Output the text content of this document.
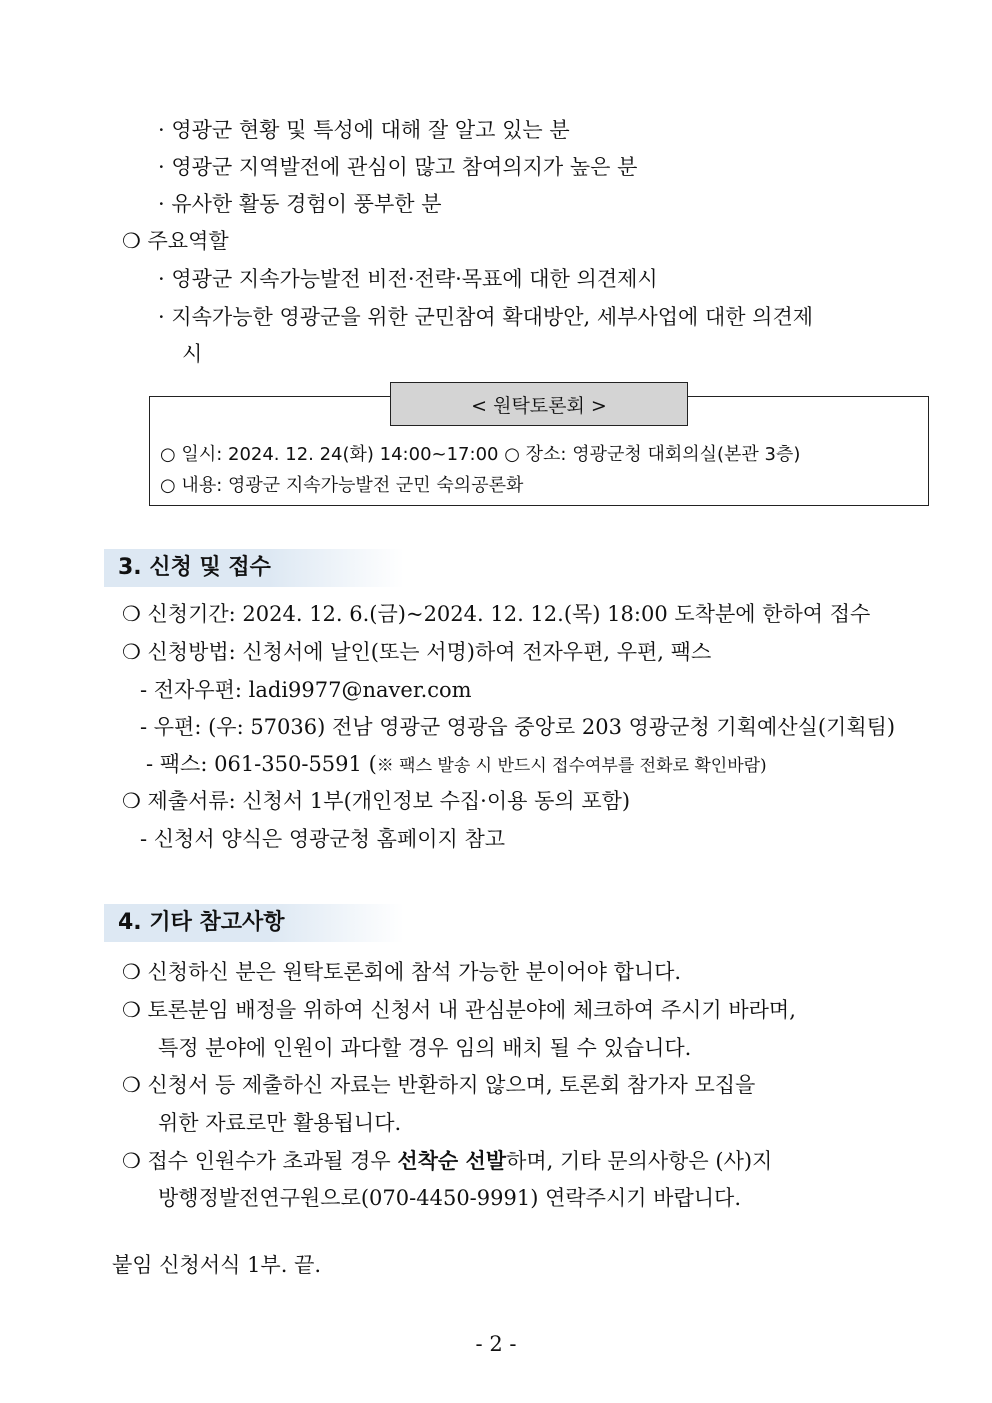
· 영광군 현황 및 특성에 대해 잘 알고 있는 분
· 영광군 지역발전에 관심이 많고 참여의지가 높은 분
· 유사한 활동 경험이 풍부한 분
❍ 주요역할
· 영광군 지속가능발전 비전·전략·목표에 대한 의견제시
· 지속가능한 영광군을 위한 군민참여 확대방안, 세부사업에 대한 의견제
시
< 원탁토론회 >
○ 일시: 2024. 12. 24(화) 14:00~17:00 ○ 장소: 영광군청 대회의실(본관 3층)
○ 내용: 영광군 지속가능발전 군민 숙의공론화
3. 신청 및 접수
❍ 신청기간: 2024. 12. 6.(금)~2024. 12. 12.(목) 18:00 도착분에 한하여 접수
❍ 신청방법: 신청서에 날인(또는 서명)하여 전자우편, 우편, 팩스
- 전자우편: ladi9977@naver.com
- 우편: (우: 57036) 전남 영광군 영광읍 중앙로 203 영광군청 기획예산실(기획팀)
- 팩스: 061-350-5591 (※ 팩스 발송 시 반드시 접수여부를 전화로 확인바람)
❍ 제출서류: 신청서 1부(개인정보 수집·이용 동의 포함)
- 신청서 양식은 영광군청 홈페이지 참고
4. 기타 참고사항
❍ 신청하신 분은 원탁토론회에 참석 가능한 분이어야 합니다.
❍ 토론분임 배정을 위하여 신청서 내 관심분야에 체크하여 주시기 바라며,
특정 분야에 인원이 과다할 경우 임의 배치 될 수 있습니다.
❍ 신청서 등 제출하신 자료는 반환하지 않으며, 토론회 참가자 모집을
위한 자료로만 활용됩니다.
❍ 접수 인원수가 초과될 경우 선착순 선발하며, 기타 문의사항은 (사)지
방행정발전연구원으로(070-4450-9991) 연락주시기 바랍니다.
붙임 신청서식 1부. 끝.
- 2 -
